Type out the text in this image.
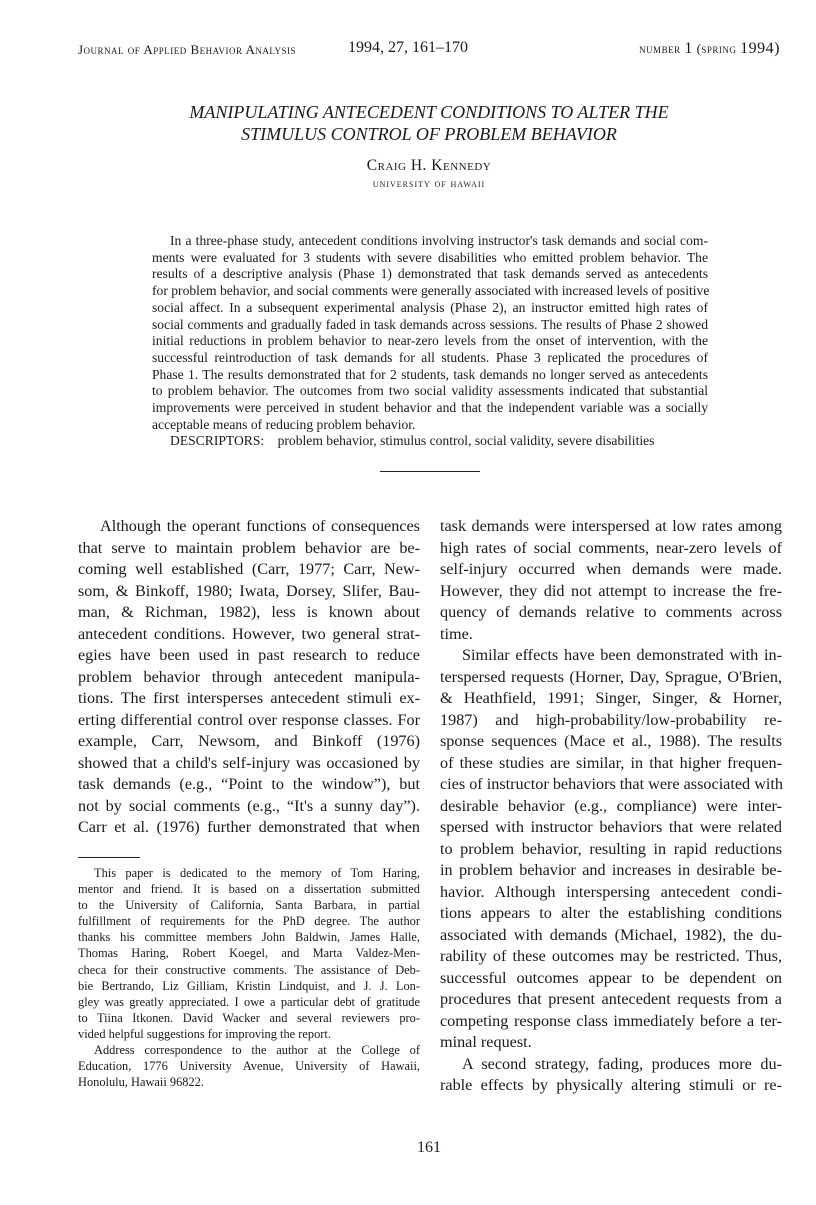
Journal of Applied Behavior Analysis	1994, 27, 161–170	number 1 (spring 1994)
MANIPULATING ANTECEDENT CONDITIONS TO ALTER THE
STIMULUS CONTROL OF PROBLEM BEHAVIOR
Craig H. Kennedy
university of hawaii
In a three-phase study, antecedent conditions involving instructor's task demands and social com-
ments were evaluated for 3 students with severe disabilities who emitted problem behavior. The
results of a descriptive analysis (Phase 1) demonstrated that task demands served as antecedents
for problem behavior, and social comments were generally associated with increased levels of positive
social affect. In a subsequent experimental analysis (Phase 2), an instructor emitted high rates of
social comments and gradually faded in task demands across sessions. The results of Phase 2 showed
initial reductions in problem behavior to near-zero levels from the onset of intervention, with the
successful reintroduction of task demands for all students. Phase 3 replicated the procedures of
Phase 1. The results demonstrated that for 2 students, task demands no longer served as antecedents
to problem behavior. The outcomes from two social validity assessments indicated that substantial
improvements were perceived in student behavior and that the independent variable was a socially
acceptable means of reducing problem behavior.
DESCRIPTORS: problem behavior, stimulus control, social validity, severe disabilities
Although the operant functions of consequences
that serve to maintain problem behavior are be-
coming well established (Carr, 1977; Carr, New-
som, & Binkoff, 1980; Iwata, Dorsey, Slifer, Bau-
man, & Richman, 1982), less is known about
antecedent conditions. However, two general strat-
egies have been used in past research to reduce
problem behavior through antecedent manipula-
tions. The first intersperses antecedent stimuli ex-
erting differential control over response classes. For
example, Carr, Newsom, and Binkoff (1976)
showed that a child's self-injury was occasioned by
task demands (e.g., “Point to the window”), but
not by social comments (e.g., “It's a sunny day”).
Carr et al. (1976) further demonstrated that when
task demands were interspersed at low rates among
high rates of social comments, near-zero levels of
self-injury occurred when demands were made.
However, they did not attempt to increase the fre-
quency of demands relative to comments across
time.
Similar effects have been demonstrated with in-
terspersed requests (Horner, Day, Sprague, O'Brien,
& Heathfield, 1991; Singer, Singer, & Horner,
1987) and high-probability/low-probability re-
sponse sequences (Mace et al., 1988). The results
of these studies are similar, in that higher frequen-
cies of instructor behaviors that were associated with
desirable behavior (e.g., compliance) were inter-
spersed with instructor behaviors that were related
to problem behavior, resulting in rapid reductions
in problem behavior and increases in desirable be-
havior. Although interspersing antecedent condi-
tions appears to alter the establishing conditions
associated with demands (Michael, 1982), the du-
rability of these outcomes may be restricted. Thus,
successful outcomes appear to be dependent on
procedures that present antecedent requests from a
competing response class immediately before a ter-
minal request.
A second strategy, fading, produces more du-
rable effects by physically altering stimuli or re-
This paper is dedicated to the memory of Tom Haring,
mentor and friend. It is based on a dissertation submitted
to the University of California, Santa Barbara, in partial
fulfillment of requirements for the PhD degree. The author
thanks his committee members John Baldwin, James Halle,
Thomas Haring, Robert Koegel, and Marta Valdez-Men-
checa for their constructive comments. The assistance of Deb-
bie Bertrando, Liz Gilliam, Kristin Lindquist, and J. J. Lon-
gley was greatly appreciated. I owe a particular debt of gratitude
to Tiina Itkonen. David Wacker and several reviewers pro-
vided helpful suggestions for improving the report.
Address correspondence to the author at the College of
Education, 1776 University Avenue, University of Hawaii,
Honolulu, Hawaii 96822.
161
